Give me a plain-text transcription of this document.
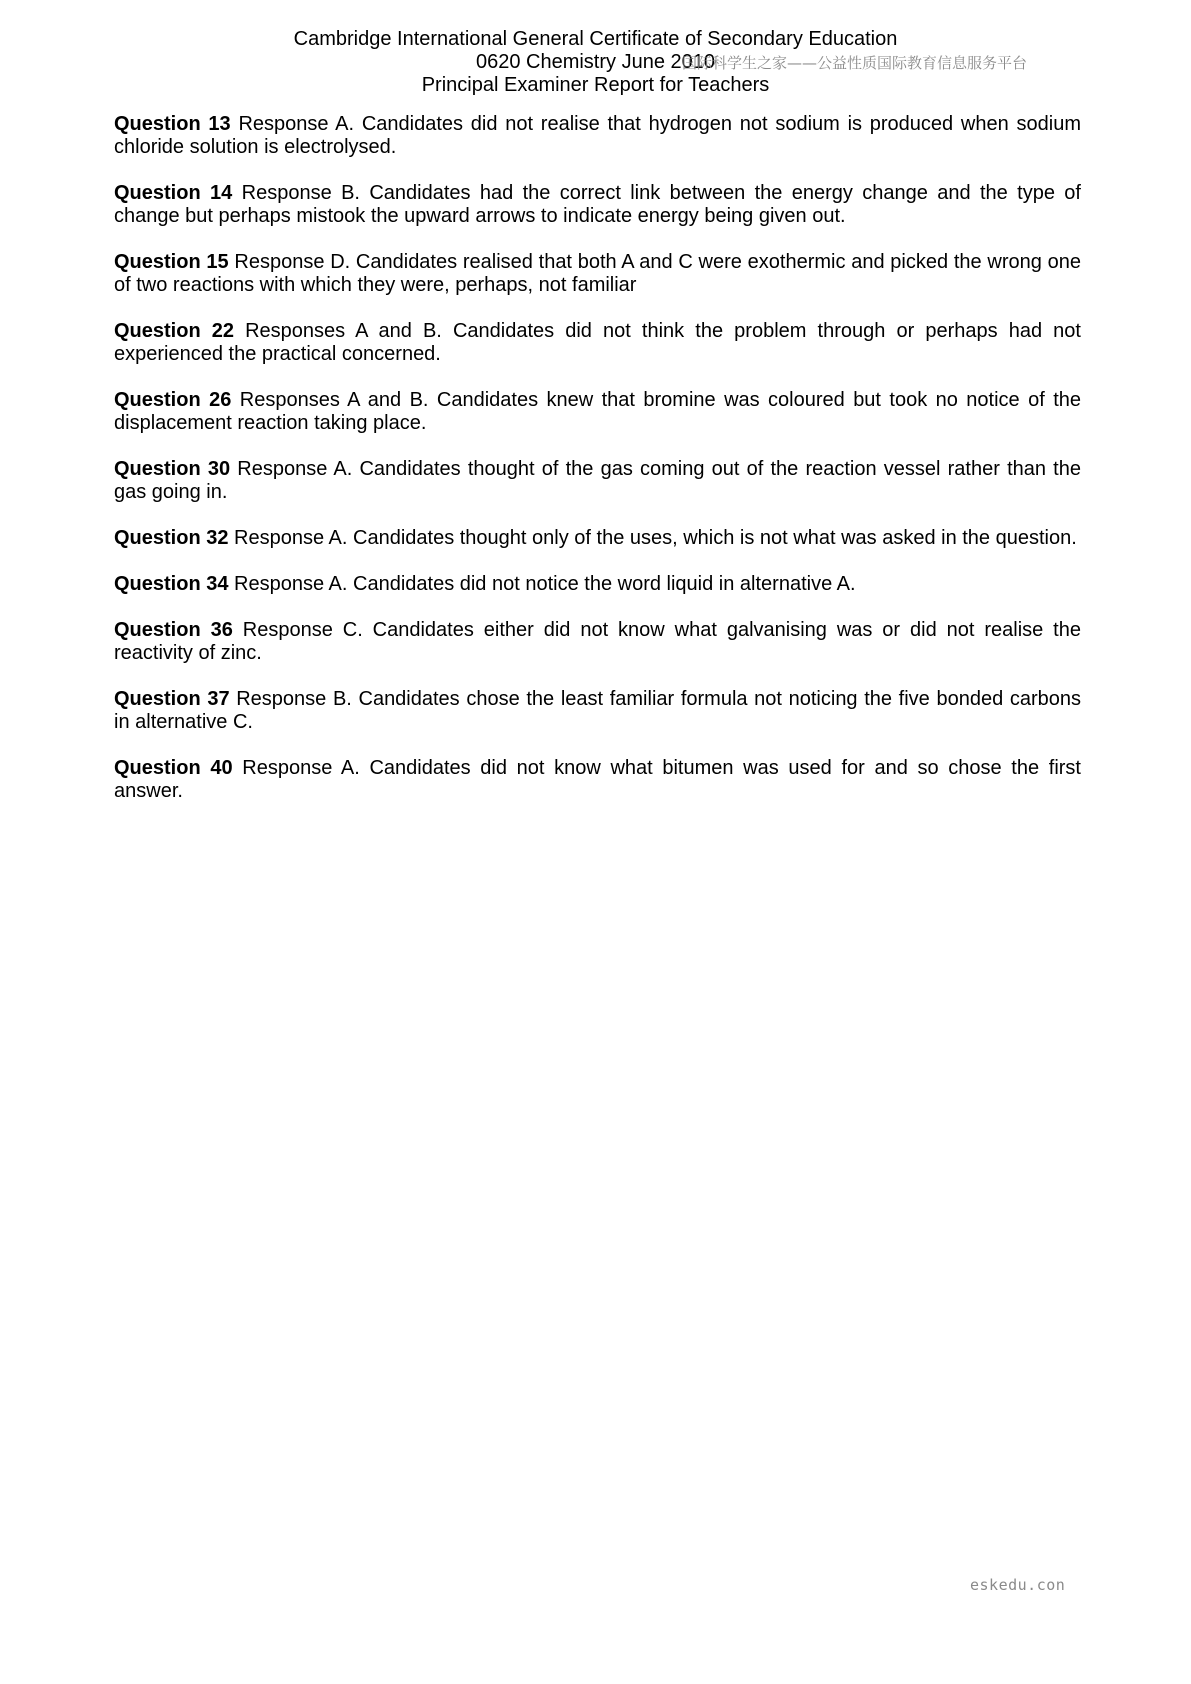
Cambridge International General Certificate of Secondary Education
0620 Chemistry June 2010
Principal Examiner Report for Teachers
国际科学生之家——公益性质国际教育信息服务平台

Question 13 Response A. Candidates did not realise that hydrogen not sodium is produced when sodium chloride solution is electrolysed.

Question 14 Response B. Candidates had the correct link between the energy change and the type of change but perhaps mistook the upward arrows to indicate energy being given out.

Question 15 Response D. Candidates realised that both A and C were exothermic and picked the wrong one of two reactions with which they were, perhaps, not familiar

Question 22 Responses A and B. Candidates did not think the problem through or perhaps had not experienced the practical concerned.

Question 26 Responses A and B. Candidates knew that bromine was coloured but took no notice of the displacement reaction taking place.

Question 30 Response A. Candidates thought of the gas coming out of the reaction vessel rather than the gas going in.

Question 32 Response A. Candidates thought only of the uses, which is not what was asked in the question.

Question 34 Response A. Candidates did not notice the word liquid in alternative A.

Question 36 Response C. Candidates either did not know what galvanising was or did not realise the reactivity of zinc.

Question 37 Response B. Candidates chose the least familiar formula not noticing the five bonded carbons in alternative C.

Question 40 Response A. Candidates did not know what bitumen was used for and so chose the first answer.

eskedu.con
